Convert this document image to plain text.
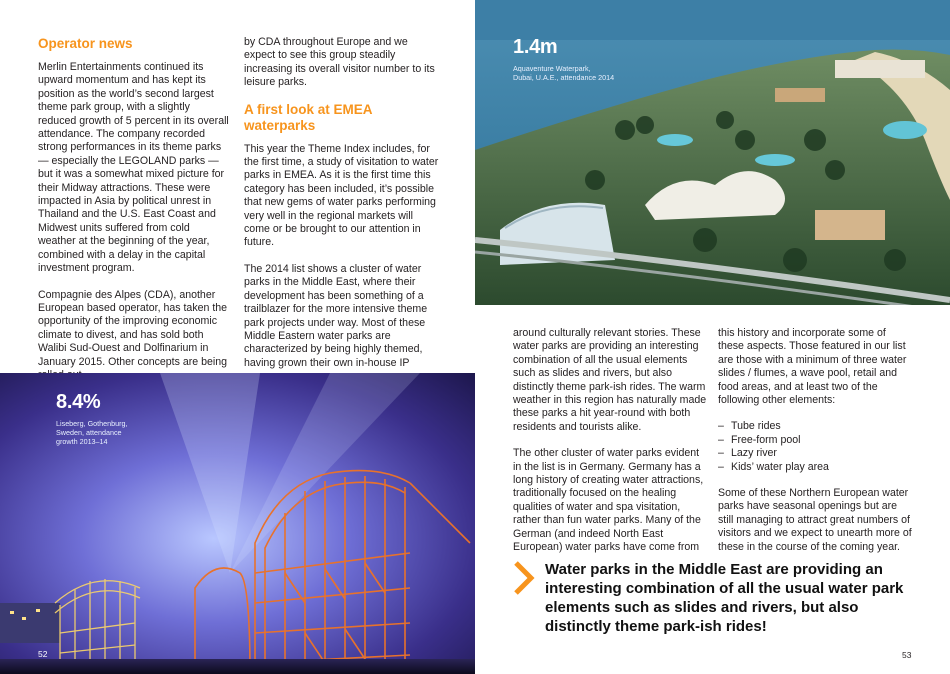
Operator news

Merlin Entertainments continued its upward momentum and has kept its position as the world’s second largest theme park group, with a slightly reduced growth of 5 percent in its overall attendance. The company recorded strong performances in its theme parks — especially the LEGOLAND parks — but it was a somewhat mixed picture for their Midway attractions. These were impacted in Asia by political unrest in Thailand and the U.S. East Coast and Midwest units suffered from cold weather at the beginning of the year, combined with a delay in the capital investment program.

Compagnie des Alpes (CDA), another European based operator, has taken the opportunity of the improving economic climate to divest, and has sold both Walibi Sud-Ouest and Dolfinarium in January 2015. Other concepts are being

by CDA throughout Europe and we expect to see this group steadily increasing its overall visitor number to its leisure parks.

A first look at EMEA waterparks

This year the Theme Index includes, for the first time, a study of visitation to water parks in EMEA. As it is the first time this category has been included, it’s possible that new gems of water parks performing very well in the regional markets will come or be brought to our attention in future.

The 2014 list shows a cluster of water parks in the Middle East, where their development has been something of a trailblazer for the more intensive theme park projects under way. Most of these Middle Eastern water parks are characterized by being highly themed, having grown their own in-house IP

8.4%
Liseberg, Gothenburg,
Sweden, attendance
growth 2013–14
52
1.4m
Aquaventure Waterpark,
Dubai, U.A.E., attendance 2014

around culturally relevant stories. These water parks are providing an interesting combination of all the usual elements such as slides and rivers, but also distinctly theme park-ish rides. The warm weather in this region has naturally made these parks a hit year-round with both residents and tourists alike.

The other cluster of water parks evident in the list is in Germany. Germany has a long history of creating water attractions, traditionally focused on the healing qualities of water and spa visitation, rather than fun water parks. Many of the German (and indeed North East European) water parks have come from

this history and incorporate some of these aspects. Those featured in our list are those with a minimum of three water slides / flumes, a wave pool, retail and food areas, and at least two of the following other elements:

– Tube rides
– Free-form pool
– Lazy river
– Kids’ water play area

Some of these Northern European water parks have seasonal openings but are still managing to attract great numbers of visitors and we expect to unearth more of these in the course of the coming year.

Water parks in the Middle East are providing an interesting combination of all the usual water park elements such as slides and rivers, but also distinctly theme park-ish rides!
53
